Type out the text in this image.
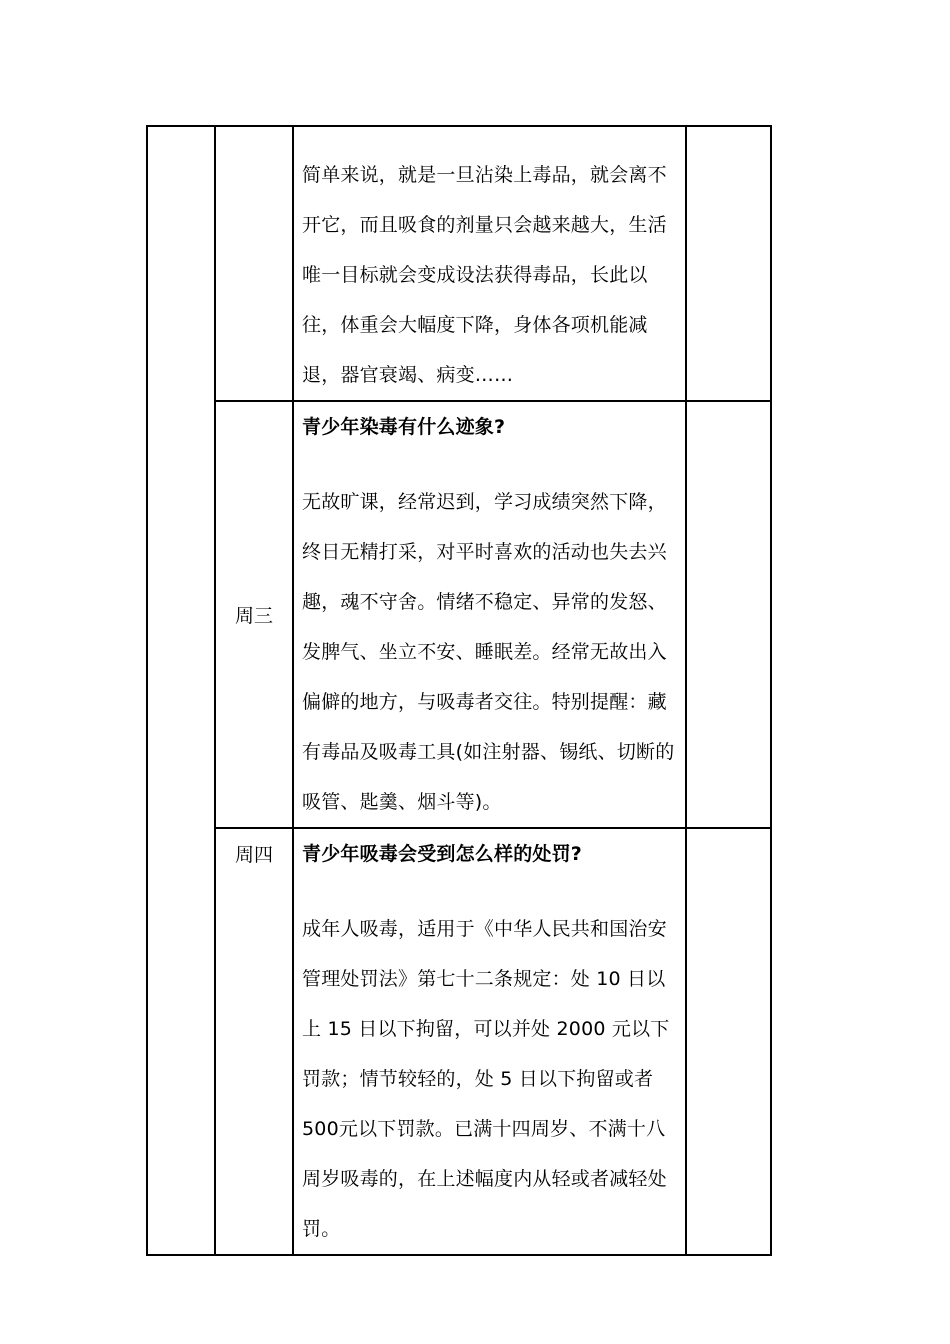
		简单来说，就是一旦沾染上毒品，就会离不开它，而且吸食的剂量只会越来越大，生活唯一目标就会变成设法获得毒品，长此以往，体重会大幅度下降，身体各项机能减退，器官衰竭、病变……	

	周三	青少年染毒有什么迹象?

无故旷课，经常迟到，学习成绩突然下降，终日无精打采，对平时喜欢的活动也失去兴趣，魂不守舍。情绪不稳定、异常的发怒、发脾气、坐立不安、睡眠差。经常无故出入偏僻的地方，与吸毒者交往。特别提醒：藏有毒品及吸毒工具(如注射器、锡纸、切断的吸管、匙羹、烟斗等)。	

	周四	青少年吸毒会受到怎么样的处罚?

成年人吸毒，适用于《中华人民共和国治安管理处罚法》第七十二条规定：处 10 日以上 15 日以下拘留，可以并处 2000 元以下罚款；情节较轻的，处 5 日以下拘留或者 500元以下罚款。已满十四周岁、不满十八周岁吸毒的，在上述幅度内从轻或者减轻处罚。	
